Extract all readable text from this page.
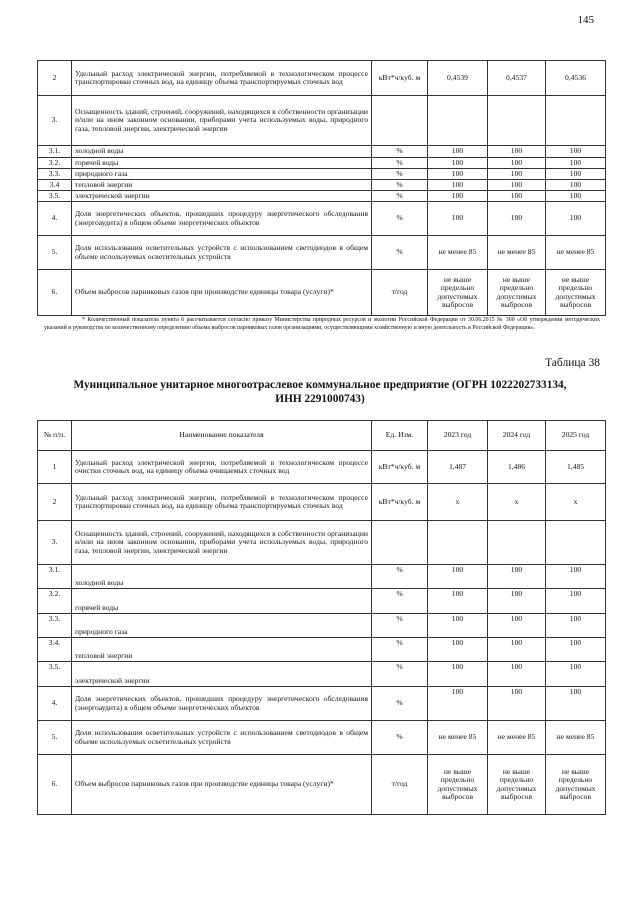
145
2	Удельный расход электрической энергии, потребляемой в технологическом процессе транспортировки сточных вод, на единицу объема транспортируемых сточных вод	кВт*ч/куб. м	0,4539	0,4537	0,4536
3.	Оснащенность зданий, строений, сооружений, находящихся в собственности организации и/или на ином законном основании, приборами учета используемых воды, природного газа, тепловой энергии, электрической энергии				
3.1.	холодной воды	%	100	100	100
3.2.	горячей воды	%	100	100	100
3.3.	природного газа	%	100	100	100
3.4	тепловой энергии	%	100	100	100
3.5.	электрической энергии	%	100	100	100
4.	Доля энергетических объектов, прошедших процедуру энергетического обследования (энергоаудита) в общем объеме энергетических объектов	%	100	100	100
5.	Доля использования осветительных устройств с использованием светодиодов в общем объеме используемых осветительных устройств	%	не менее 85	не менее 85	не менее 85
6.	Объем выбросов парниковых газов при производстве единицы товара (услуги)*	т/год	не выше предельно допустимых выбросов	не выше предельно допустимых выбросов	не выше предельно допустимых выбросов
* Количественный показатель пункта 6 рассчитывается согласно приказу Министерства природных ресурсов и экологии Российской Федерации от 30.06.2015 № 300 «Об утверждении методических указаний и руководства по количественному определению объема выбросов парниковых газов организациями, осуществляющими хозяйственную и иную деятельность в Российской Федерации».
Таблица 38
Муниципальное унитарное многоотраслевое коммунальное предприятие (ОГРН 1022202733134, ИНН 2291000743)
№ п/п.	Наименование показателя	Ед. Изм.	2023 год	2024 год	2025 год
1	Удельный расход электрической энергии, потребляемой в технологическом процессе очистки сточных вод, на единицу объема очищаемых сточных вод	кВт*ч/куб. м	1,487	1,486	1,485
2	Удельный расход электрической энергии, потребляемой в технологическом процессе транспортировки сточных вод, на единицу объема транспортируемых сточных вод	кВт*ч/куб. м	х	х	х
3.	Оснащенность зданий, строений, сооружений, находящихся в собственности организации и/или на ином законном основании, приборами учета используемых воды, природного газа, тепловой энергии, электрической энергии				
3.1.	холодной воды	%	100	100	100
3.2.	горячей воды	%	100	100	100
3.3.	природного газа	%	100	100	100
3.4.	тепловой энергии	%	100	100	100
3.5.	электрической энергии	%	100	100	100
4.	Доля энергетических объектов, прошедших процедуру энергетического обследования (энергоаудита) в общем объеме энергетических объектов	%	100	100	100
5.	Доля использования осветительных устройств с использованием светодиодов в общем объеме используемых осветительных устройств	%	не менее 85	не менее 85	не менее 85
6.	Объем выбросов парниковых газов при производстве единицы товара (услуги)*	т/год	не выше предельно допустимых выбросов	не выше предельно допустимых выбросов	не выше предельно допустимых выбросов
